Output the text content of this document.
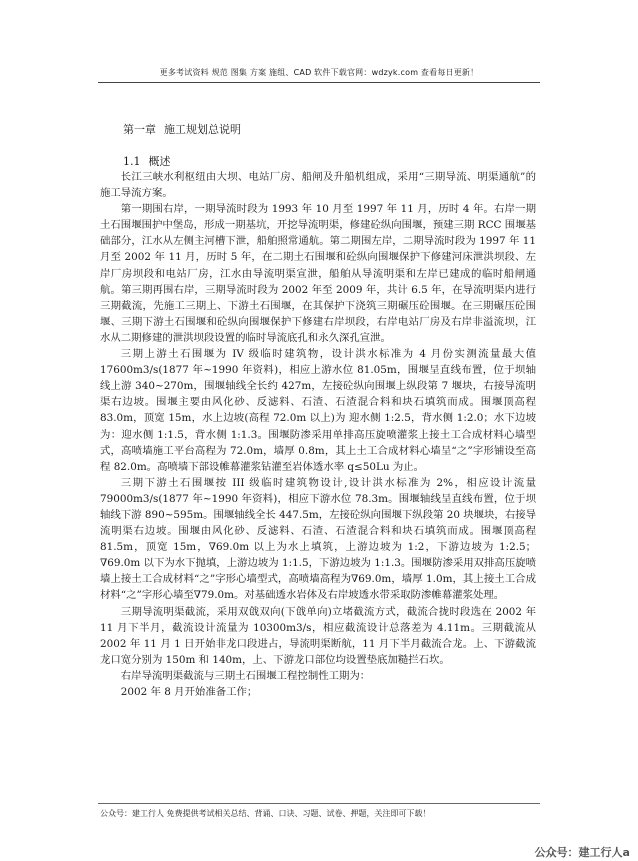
更多考试资料 规范 图集 方案 施组、CAD 软件下载官网：wdzyk.com 查看每日更新！
第一章 施工规划总说明
1.1 概述

长江三峡水利枢纽由大坝、电站厂房、船闸及升船机组成，采用“三期导流、明渠通航”的施工导流方案。

第一期围右岸，一期导流时段为 1993 年 10 月至 1997 年 11 月，历时 4 年。右岸一期土石围堰围护中堡岛，形成一期基坑，开挖导流明渠，修建砼纵向围堰，预建三期 RCC 围堰基础部分，江水从左侧主河槽下泄，船舶照常通航。第二期围左岸，二期导流时段为 1997 年 11 月至 2002 年 11 月，历时 5 年，在二期土石围堰和砼纵向围堰保护下修建河床泄洪坝段、左岸厂房坝段和电站厂房，江水由导流明渠宣泄，船舶从导流明渠和左岸已建成的临时船闸通航。第三期再围右岸，三期导流时段为 2002 年至 2009 年，共计 6.5 年，在导流明渠内进行三期截流，先施工三期上、下游土石围堰，在其保护下浇筑三期碾压砼围堰。在三期碾压砼围堰、三期下游土石围堰和砼纵向围堰保护下修建右岸坝段，右岸电站厂房及右岸非溢流坝，江水从二期修建的泄洪坝段设置的临时导流底孔和永久深孔宣泄。

三期上游土石围堰为 IV 级临时建筑物，设计洪水标准为 4 月份实测流量最大值 17600m3/s(1877 年~1990 年资料)，相应上游水位 81.05m，围堰呈直线布置，位于坝轴线上游 340~270m，围堰轴线全长约 427m，左接砼纵向围堰上纵段第 7 堰块，右接导流明渠右边坡。围堰主要由风化砂、反滤料、石渣、石渣混合料和块石填筑而成。围堰顶高程 83.0m，顶宽 15m，水上边坡(高程 72.0m 以上)为 迎水侧 1:2.5，背水侧 1:2.0；水下边坡为：迎水侧 1:1.5，背水侧 1:1.3。围堰防渗采用单排高压旋喷灌浆上接土工合成材料心墙型式，高喷墙施工平台高程为 72.0m，墙厚 0.8m，其上土工合成材料心墙呈“之”字形铺设至高程 82.0m。高喷墙下部设帷幕灌浆钻灌至岩体透水率 q≤50Lu 为止。

三期下游土石围堰按 III 级临时建筑物设计,设计洪水标准为 2%，相应设计流量 79000m3/s(1877 年~1990 年资料)，相应下游水位 78.3m。围堰轴线呈直线布置，位于坝轴线下游 890~595m。围堰轴线全长 447.5m，左接砼纵向围堰下纵段第 20 块堰块，右接导流明渠右边坡。围堰由风化砂、反滤料、石渣、石渣混合料和块石填筑而成。围堰顶高程 81.5m，顶宽 15m，∇69.0m 以上为水上填筑，上游边坡为 1:2，下游边坡为 1:2.5；∇69.0m 以下为水下抛填，上游边坡为 1:1.5，下游边坡为 1:1.3。围堰防渗采用双排高压旋喷墙上接土工合成材料“之”字形心墙型式，高喷墙高程为∇69.0m，墙厚 1.0m，其上接土工合成材料“之”字形心墙至∇79.0m。对基础透水岩体及右岸坡透水带采取防渗帷幕灌浆处理。

三期导流明渠截流，采用双戗双向(下戗单向)立堵截流方式，截流合拢时段选在 2002 年 11 月下半月，截流设计流量为 10300m3/s，相应截流设计总落差为 4.11m。三期截流从 2002 年 11 月 1 日开始非龙口段进占，导流明渠断航，11 月下半月截流合龙。上、下游截流龙口宽分别为 150m 和 140m，上、下游龙口部位均设置垫底加糙拦石坎。

右岸导流明渠截流与三期土石围堰工程控制性工期为：

2002 年 8 月开始准备工作；

公众号：建工行人 免费提供考试相关总结、背诵、口诀、习题、试卷、押题，关注即可下载！
公众号：建工行人a
